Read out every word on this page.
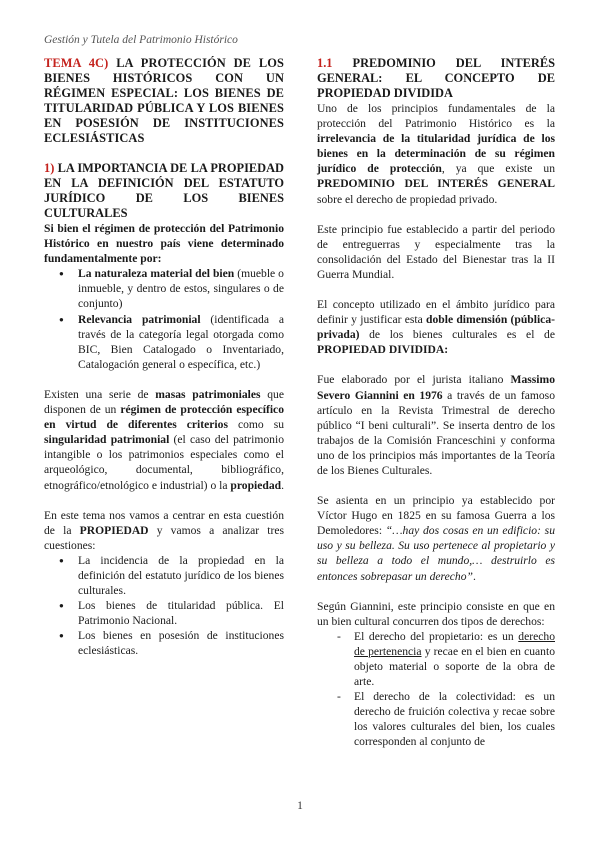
Gestión y Tutela del Patrimonio Histórico

TEMA 4C) LA PROTECCIÓN DE LOS BIENES HISTÓRICOS CON UN RÉGIMEN ESPECIAL: LOS BIENES DE TITULARIDAD PÚBLICA Y LOS BIENES EN POSESIÓN DE INSTITUCIONES ECLESIÁSTICAS

1) LA IMPORTANCIA DE LA PROPIEDAD EN LA DEFINICIÓN DEL ESTATUTO JURÍDICO DE LOS BIENES CULTURALES

Si bien el régimen de protección del Patrimonio Histórico en nuestro país viene determinado fundamentalmente por:

● La naturaleza material del bien (mueble o inmueble, y dentro de estos, singulares o de conjunto)
● Relevancia patrimonial (identificada a través de la categoría legal otorgada como BIC, Bien Catalogado o Inventariado, Catalogación general o específica, etc.)

Existen una serie de masas patrimoniales que disponen de un régimen de protección específico en virtud de diferentes criterios como su singularidad patrimonial (el caso del patrimonio intangible o los patrimonios especiales como el arqueológico, documental, bibliográfico, etnográfico/etnológico e industrial) o la propiedad.

En este tema nos vamos a centrar en esta cuestión de la PROPIEDAD y vamos a analizar tres cuestiones:

● La incidencia de la propiedad en la definición del estatuto jurídico de los bienes culturales.
● Los bienes de titularidad pública. El Patrimonio Nacional.
● Los bienes en posesión de instituciones eclesiásticas.

1.1 PREDOMINIO DEL INTERÉS GENERAL: EL CONCEPTO DE PROPIEDAD DIVIDIDA

Uno de los principios fundamentales de la protección del Patrimonio Histórico es la irrelevancia de la titularidad jurídica de los bienes en la determinación de su régimen jurídico de protección, ya que existe un PREDOMINIO DEL INTERÉS GENERAL sobre el derecho de propiedad privado.

Este principio fue establecido a partir del periodo de entreguerras y especialmente tras la consolidación del Estado del Bienestar tras la II Guerra Mundial.

El concepto utilizado en el ámbito jurídico para definir y justificar esta doble dimensión (pública-privada) de los bienes culturales es el de PROPIEDAD DIVIDIDA:

Fue elaborado por el jurista italiano Massimo Severo Giannini en 1976 a través de un famoso artículo en la Revista Trimestral de derecho público “I beni culturali”. Se inserta dentro de los trabajos de la Comisión Franceschini y conforma uno de los principios más importantes de la Teoría de los Bienes Culturales.

Se asienta en un principio ya establecido por Víctor Hugo en 1825 en su famosa Guerra a los Demoledores: “…hay dos cosas en un edificio: su uso y su belleza. Su uso pertenece al propietario y su belleza a todo el mundo,… destruirlo es entonces sobrepasar un derecho”.

Según Giannini, este principio consiste en que en un bien cultural concurren dos tipos de derechos:

- El derecho del propietario: es un derecho de pertenencia y recae en el bien en cuanto objeto material o soporte de la obra de arte.
- El derecho de la colectividad: es un derecho de fruición colectiva y recae sobre los valores culturales del bien, los cuales corresponden al conjunto de
1
